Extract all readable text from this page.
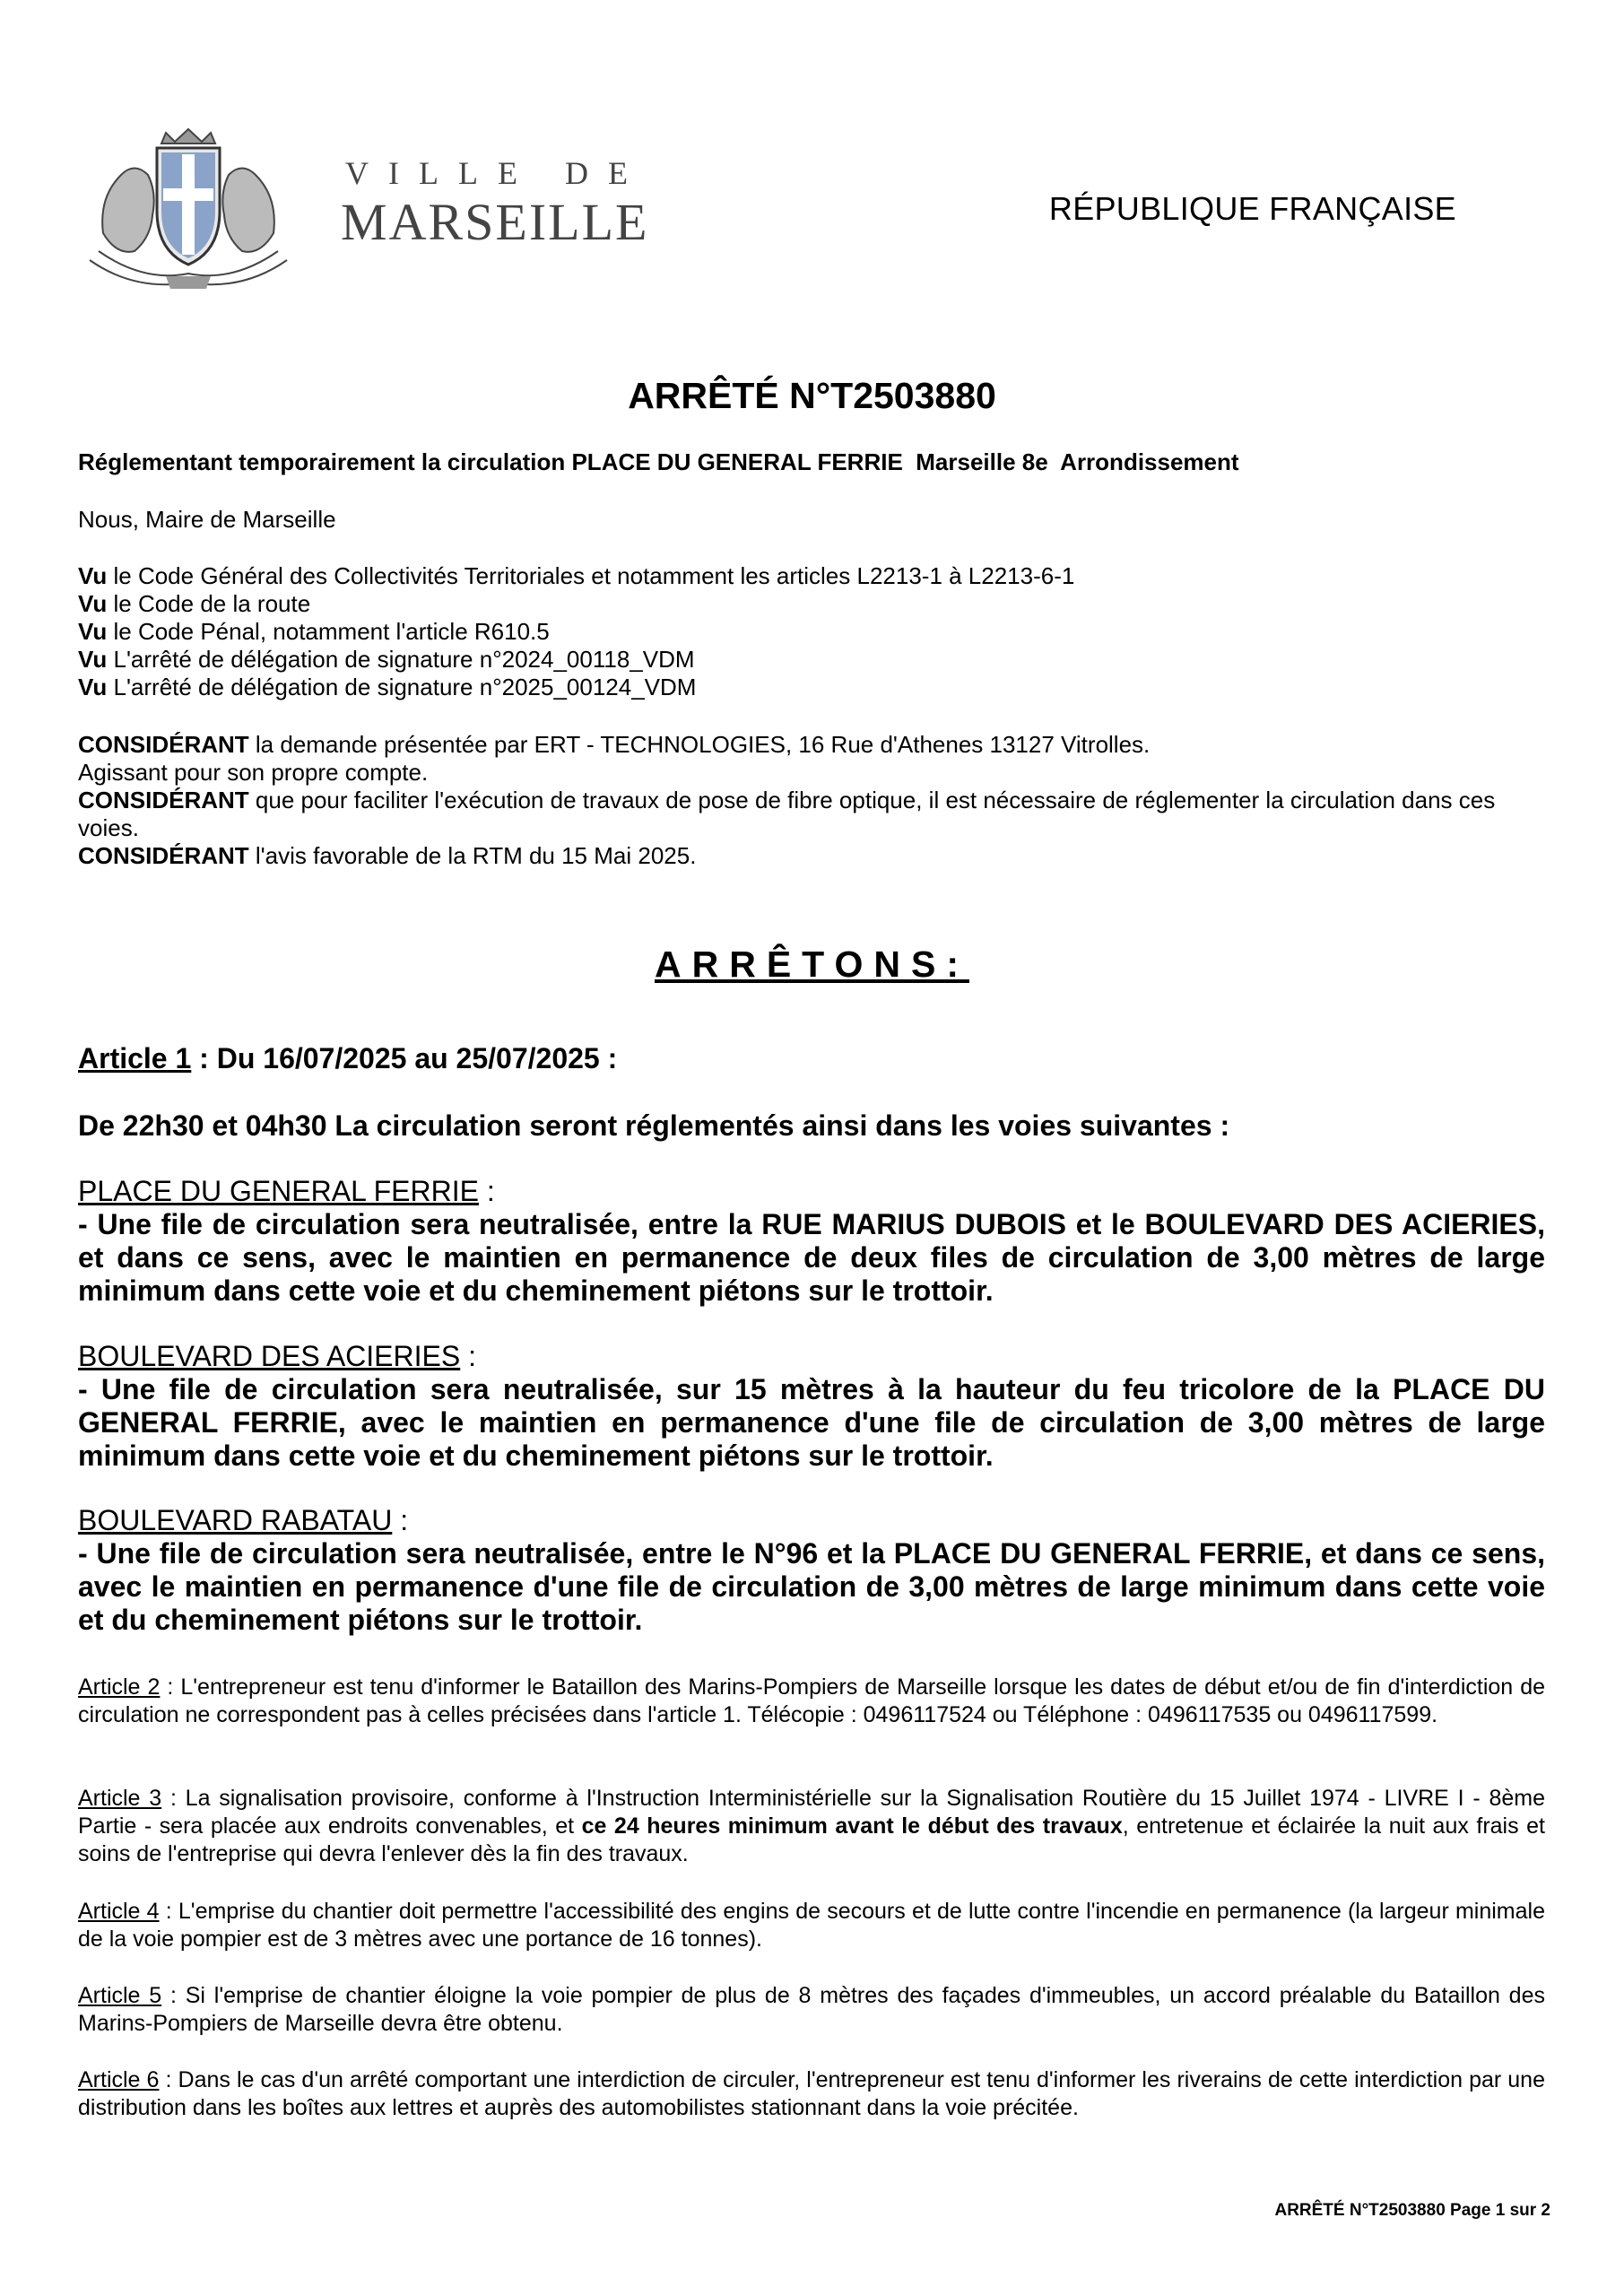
VILLE DE
MARSEILLE	RÉPUBLIQUE FRANÇAISE
ARRÊTÉ N°T2503880
Réglementant temporairement la circulation PLACE DU GENERAL FERRIE  Marseille 8e  Arrondissement
Nous, Maire de Marseille
Vu le Code Général des Collectivités Territoriales et notamment les articles L2213-1 à L2213-6-1
Vu le Code de la route
Vu le Code Pénal, notamment l'article R610.5
Vu L'arrêté de délégation de signature n°2024_00118_VDM
Vu L'arrêté de délégation de signature n°2025_00124_VDM
CONSIDÉRANT la demande présentée par ERT - TECHNOLOGIES, 16 Rue d'Athenes 13127 Vitrolles.
Agissant pour son propre compte.
CONSIDÉRANT que pour faciliter l'exécution de travaux de pose de fibre optique, il est nécessaire de réglementer la circulation dans ces voies.
CONSIDÉRANT l'avis favorable de la RTM du 15 Mai 2025.
ARRÊTONS:
Article 1 : Du 16/07/2025 au 25/07/2025 :
De 22h30 et 04h30 La circulation seront réglementés ainsi dans les voies suivantes :
PLACE DU GENERAL FERRIE :
- Une file de circulation sera neutralisée, entre la RUE MARIUS DUBOIS et le BOULEVARD DES ACIERIES, et dans ce sens, avec le maintien en permanence de deux files de circulation de 3,00 mètres de large minimum dans cette voie et du cheminement piétons sur le trottoir.
BOULEVARD DES ACIERIES :
- Une file de circulation sera neutralisée, sur 15 mètres à la hauteur du feu tricolore de la PLACE DU GENERAL FERRIE, avec le maintien en permanence d'une file de circulation de 3,00 mètres de large minimum dans cette voie et du cheminement piétons sur le trottoir.
BOULEVARD RABATAU :
- Une file de circulation sera neutralisée, entre le N°96 et la PLACE DU GENERAL FERRIE, et dans ce sens, avec le maintien en permanence d'une file de circulation de 3,00 mètres de large minimum dans cette voie et du cheminement piétons sur le trottoir.
Article 2 : L'entrepreneur est tenu d'informer le Bataillon des Marins-Pompiers de Marseille lorsque les dates de début et/ou de fin d'interdiction de circulation ne correspondent pas à celles précisées dans l'article 1. Télécopie : 0496117524 ou Téléphone : 0496117535 ou 0496117599.
Article 3 : La signalisation provisoire, conforme à l'Instruction Interministérielle sur la Signalisation Routière du 15 Juillet 1974 - LIVRE I - 8ème Partie - sera placée aux endroits convenables, et ce 24 heures minimum avant le début des travaux, entretenue et éclairée la nuit aux frais et soins de l'entreprise qui devra l'enlever dès la fin des travaux.
Article 4 : L'emprise du chantier doit permettre l'accessibilité des engins de secours et de lutte contre l'incendie en permanence (la largeur minimale de la voie pompier est de 3 mètres avec une portance de 16 tonnes).
Article 5 : Si l'emprise de chantier éloigne la voie pompier de plus de 8 mètres des façades d'immeubles, un accord préalable du Bataillon des Marins-Pompiers de Marseille devra être obtenu.
Article 6 : Dans le cas d'un arrêté comportant une interdiction de circuler, l'entrepreneur est tenu d'informer les riverains de cette interdiction par une distribution dans les boîtes aux lettres et auprès des automobilistes stationnant dans la voie précitée.
ARRÊTÉ N°T2503880 Page 1 sur 2
